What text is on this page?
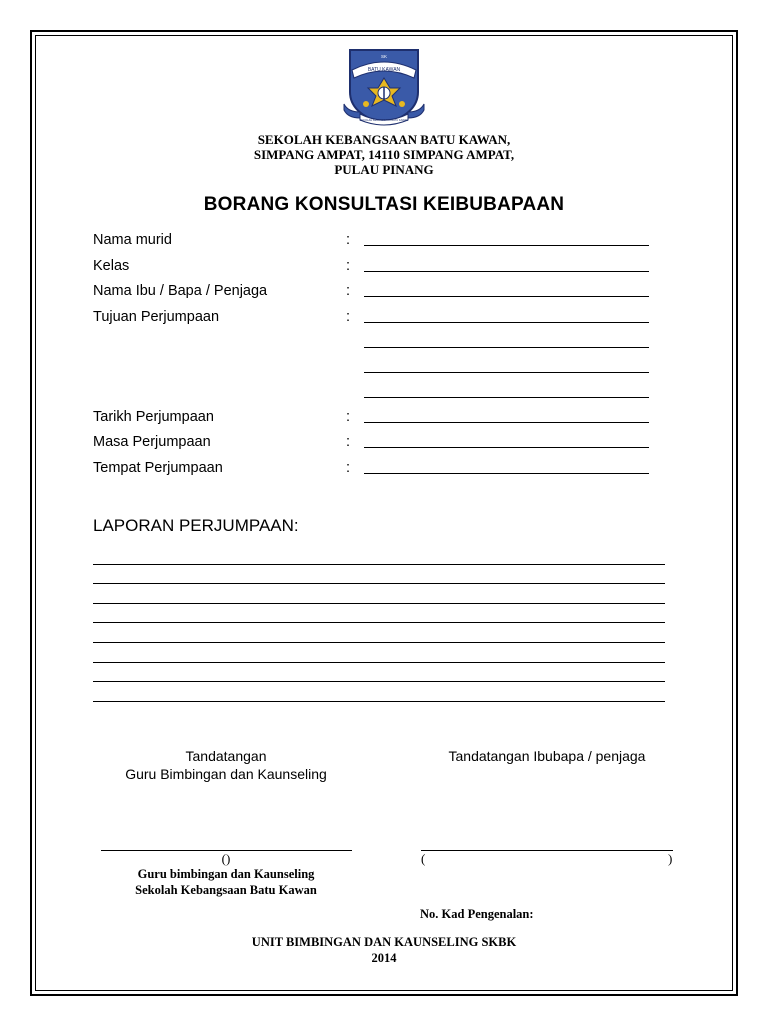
SK
BATU KAWAN
SEKOLAH KEBANGSAAN BATU KAWAN
SEKOLAH KEBANGSAAN BATU KAWAN,
SIMPANG AMPAT, 14110 SIMPANG AMPAT,
PULAU PINANG
BORANG KONSULTASI KEIBUBAPAAN
Nama murid	:
Kelas	:
Nama Ibu / Bapa / Penjaga	:
Tujuan Perjumpaan	:
Tarikh Perjumpaan	:
Masa Perjumpaan	:
Tempat Perjumpaan	:
LAPORAN PERJUMPAAN:
Tandatangan
Guru Bimbingan dan Kaunseling
Tandatangan Ibubapa / penjaga
()	(	)
Guru bimbingan dan Kaunseling
Sekolah Kebangsaan Batu Kawan
No. Kad Pengenalan:
UNIT BIMBINGAN DAN KAUNSELING SKBK
2014
